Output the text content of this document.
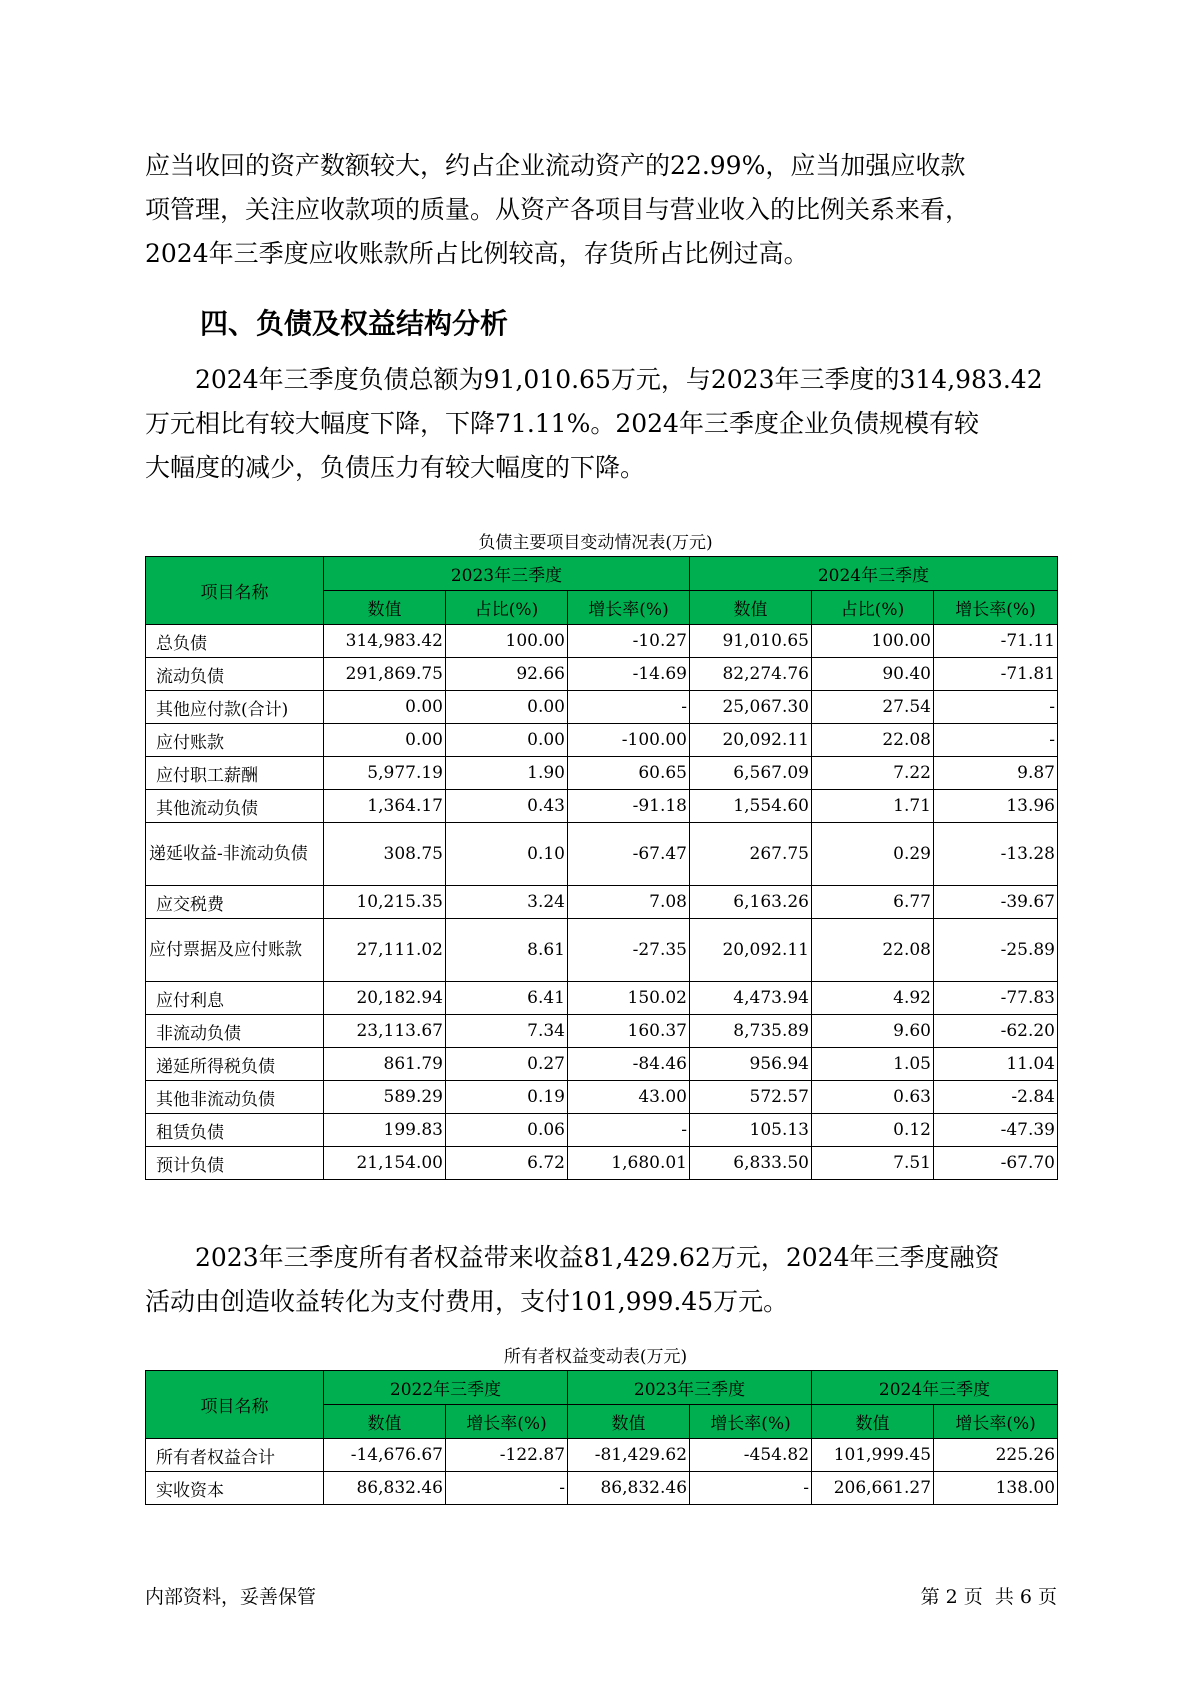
应当收回的资产数额较大，约占企业流动资产的22.99%，应当加强应收款
项管理，关注应收款项的质量。从资产各项目与营业收入的比例关系来看，
2024年三季度应收账款所占比例较高，存货所占比例过高。

四、负债及权益结构分析

2024年三季度负债总额为91,010.65万元，与2023年三季度的314,983.42
万元相比有较大幅度下降，下降71.11%。2024年三季度企业负债规模有较
大幅度的减少，负债压力有较大幅度的下降。

负债主要项目变动情况表(万元)

项目名称	2023年三季度			2024年三季度		
	数值	占比(%)	增长率(%)	数值	占比(%)	增长率(%)
总负债	314,983.42	100.00	-10.27	91,010.65	100.00	-71.11
流动负债	291,869.75	92.66	-14.69	82,274.76	90.40	-71.81
其他应付款(合计)	0.00	0.00	-	25,067.30	27.54	-
应付账款	0.00	0.00	-100.00	20,092.11	22.08	-
应付职工薪酬	5,977.19	1.90	60.65	6,567.09	7.22	9.87
其他流动负债	1,364.17	0.43	-91.18	1,554.60	1.71	13.96
递延收益-非流动负债	308.75	0.10	-67.47	267.75	0.29	-13.28
应交税费	10,215.35	3.24	7.08	6,163.26	6.77	-39.67
应付票据及应付账款	27,111.02	8.61	-27.35	20,092.11	22.08	-25.89
应付利息	20,182.94	6.41	150.02	4,473.94	4.92	-77.83
非流动负债	23,113.67	7.34	160.37	8,735.89	9.60	-62.20
递延所得税负债	861.79	0.27	-84.46	956.94	1.05	11.04
其他非流动负债	589.29	0.19	43.00	572.57	0.63	-2.84
租赁负债	199.83	0.06	-	105.13	0.12	-47.39
预计负债	21,154.00	6.72	1,680.01	6,833.50	7.51	-67.70

2023年三季度所有者权益带来收益81,429.62万元，2024年三季度融资
活动由创造收益转化为支付费用，支付101,999.45万元。

所有者权益变动表(万元)

项目名称	2022年三季度		2023年三季度		2024年三季度	
	数值	增长率(%)	数值	增长率(%)	数值	增长率(%)
所有者权益合计	-14,676.67	-122.87	-81,429.62	-454.82	101,999.45	225.26
实收资本	86,832.46	-	86,832.46	-	206,661.27	138.00

内部资料，妥善保管	第 2 页  共 6 页
